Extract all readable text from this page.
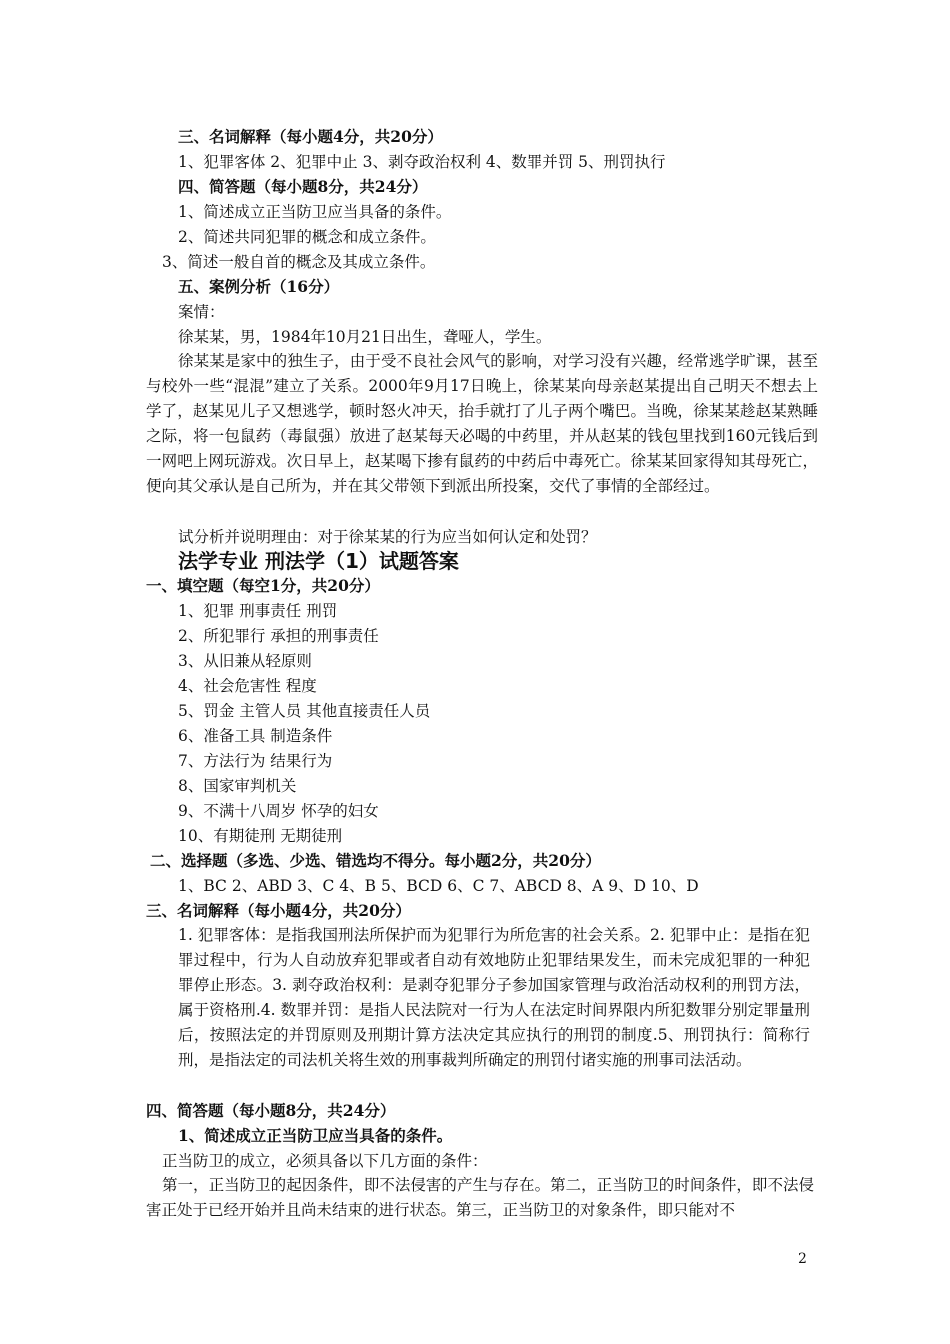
三、名词解释（每小题4分，共20分）
1、犯罪客体 2、犯罪中止 3、剥夺政治权利 4、数罪并罚 5、刑罚执行
四、简答题（每小题8分，共24分）
1、简述成立正当防卫应当具备的条件。
2、简述共同犯罪的概念和成立条件。
3、简述一般自首的概念及其成立条件。
五、案例分析（16分）
案情：
徐某某，男，1984年10月21日出生，聋哑人，学生。
徐某某是家中的独生子，由于受不良社会风气的影响，对学习没有兴趣，经常逃学旷课，甚至与校外一些“混混”建立了关系。2000年9月17日晚上，徐某某向母亲赵某提出自己明天不想去上学了，赵某见儿子又想逃学，顿时怒火冲天，抬手就打了儿子两个嘴巴。当晚，徐某某趁赵某熟睡之际，将一包鼠药（毒鼠强）放进了赵某每天必喝的中药里，并从赵某的钱包里找到160元钱后到一网吧上网玩游戏。次日早上，赵某喝下掺有鼠药的中药后中毒死亡。徐某某回家得知其母死亡，便向其父承认是自己所为，并在其父带领下到派出所投案，交代了事情的全部经过。
试分析并说明理由：对于徐某某的行为应当如何认定和处罚？
法学专业 刑法学（1）试题答案
一、填空题（每空1分，共20分）
1、犯罪 刑事责任 刑罚
2、所犯罪行 承担的刑事责任
3、从旧兼从轻原则
4、社会危害性 程度
5、罚金 主管人员 其他直接责任人员
6、准备工具 制造条件
7、方法行为 结果行为
8、国家审判机关
9、不满十八周岁 怀孕的妇女
10、有期徒刑 无期徒刑
二、选择题（多选、少选、错选均不得分。每小题2分，共20分）
1、BC 2、ABD 3、C 4、B 5、BCD 6、C 7、ABCD 8、A 9、D 10、D
三、名词解释（每小题4分，共20分）
1. 犯罪客体：是指我国刑法所保护而为犯罪行为所危害的社会关系。2. 犯罪中止：是指在犯罪过程中，行为人自动放弃犯罪或者自动有效地防止犯罪结果发生，而未完成犯罪的一种犯罪停止形态。3. 剥夺政治权利：是剥夺犯罪分子参加国家管理与政治活动权利的刑罚方法，属于资格刑.4. 数罪并罚：是指人民法院对一行为人在法定时间界限内所犯数罪分别定罪量刑后，按照法定的并罚原则及刑期计算方法决定其应执行的刑罚的制度.5、刑罚执行：简称行刑，是指法定的司法机关将生效的刑事裁判所确定的刑罚付诸实施的刑事司法活动。
四、简答题（每小题8分，共24分）
1、简述成立正当防卫应当具备的条件。
正当防卫的成立，必须具备以下几方面的条件：
第一，正当防卫的起因条件，即不法侵害的产生与存在。第二，正当防卫的时间条件，即不法侵害正处于已经开始并且尚未结束的进行状态。第三，正当防卫的对象条件，即只能对不
2
